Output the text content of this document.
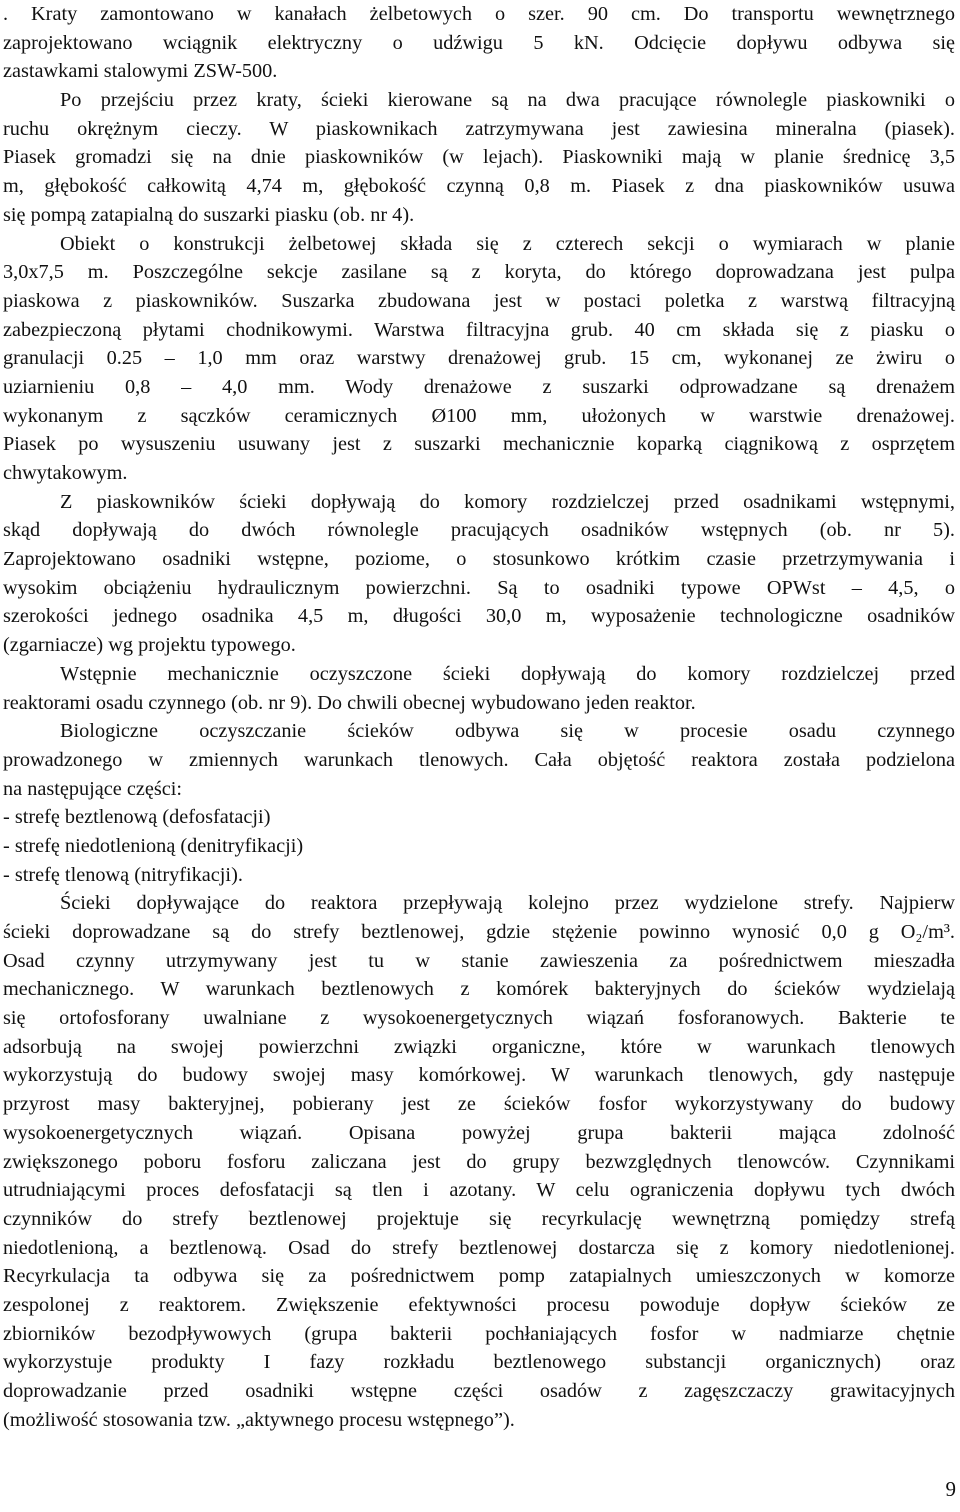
. Kraty zamontowano w kanałach żelbetowych o szer. 90 cm. Do transportu wewnętrznego
zaprojektowano wciągnik elektryczny o udźwigu 5 kN. Odcięcie dopływu odbywa się
zastawkami stalowymi ZSW-500.
Po przejściu przez kraty, ścieki kierowane są na dwa pracujące równolegle piaskowniki o
ruchu okrężnym cieczy. W piaskownikach zatrzymywana jest zawiesina mineralna (piasek).
Piasek gromadzi się na dnie piaskowników (w lejach). Piaskowniki mają w planie średnicę 3,5
m, głębokość całkowitą 4,74 m, głębokość czynną 0,8 m. Piasek z dna piaskowników usuwa
się pompą zatapialną do suszarki piasku (ob. nr 4).
Obiekt o konstrukcji żelbetowej składa się z czterech sekcji o wymiarach w planie
3,0x7,5 m. Poszczególne sekcje zasilane są z koryta, do którego doprowadzana jest pulpa
piaskowa z piaskowników. Suszarka zbudowana jest w postaci poletka z warstwą filtracyjną
zabezpieczoną płytami chodnikowymi. Warstwa filtracyjna grub. 40 cm składa się z piasku o
granulacji 0.25 – 1,0 mm oraz warstwy drenażowej grub. 15 cm, wykonanej ze żwiru o
uziarnieniu 0,8 – 4,0 mm. Wody drenażowe z suszarki odprowadzane są drenażem
wykonanym z sączków ceramicznych Ø100 mm, ułożonych w warstwie drenażowej.
Piasek po wysuszeniu usuwany jest z suszarki mechanicznie koparką ciągnikową z osprzętem
chwytakowym.
Z piaskowników ścieki dopływają do komory rozdzielczej przed osadnikami wstępnymi,
skąd dopływają do dwóch równolegle pracujących osadników wstępnych (ob. nr 5).
Zaprojektowano osadniki wstępne, poziome, o stosunkowo krótkim czasie przetrzymywania i
wysokim obciążeniu hydraulicznym powierzchni. Są to osadniki typowe OPWst – 4,5, o
szerokości jednego osadnika 4,5 m, długości 30,0 m, wyposażenie technologiczne osadników
(zgarniacze) wg projektu typowego.
Wstępnie mechanicznie oczyszczone ścieki dopływają do komory rozdzielczej przed
reaktorami osadu czynnego (ob. nr 9). Do chwili obecnej wybudowano jeden reaktor.
Biologiczne oczyszczanie ścieków odbywa się w procesie osadu czynnego
prowadzonego w zmiennych warunkach tlenowych. Cała objętość reaktora została podzielona
na następujące części:
- strefę beztlenową (defosfatacji)
- strefę niedotlenioną (denitryfikacji)
- strefę tlenową (nitryfikacji).
Ścieki dopływające do reaktora przepływają kolejno przez wydzielone strefy. Najpierw
ścieki doprowadzane są do strefy beztlenowej, gdzie stężenie powinno wynosić 0,0 g O₂/m³.
Osad czynny utrzymywany jest tu w stanie zawieszenia za pośrednictwem mieszadła
mechanicznego. W warunkach beztlenowych z komórek bakteryjnych do ścieków wydzielają
się ortofosforany uwalniane z wysokoenergetycznych wiązań fosforanowych. Bakterie te
adsorbują na swojej powierzchni związki organiczne, które w warunkach tlenowych
wykorzystują do budowy swojej masy komórkowej. W warunkach tlenowych, gdy następuje
przyrost masy bakteryjnej, pobierany jest ze ścieków fosfor wykorzystywany do budowy
wysokoenergetycznych wiązań. Opisana powyżej grupa bakterii mająca zdolność
zwiększonego poboru fosforu zaliczana jest do grupy bezwzględnych tlenowców. Czynnikami
utrudniającymi proces defosfatacji są tlen i azotany. W celu ograniczenia dopływu tych dwóch
czynników do strefy beztlenowej projektuje się recyrkulację wewnętrzną pomiędzy strefą
niedotlenioną, a beztlenową. Osad do strefy beztlenowej dostarcza się z komory niedotlenionej.
Recyrkulacja ta odbywa się za pośrednictwem pomp zatapialnych umieszczonych w komorze
zespolonej z reaktorem. Zwiększenie efektywności procesu powoduje dopływ ścieków ze
zbiorników bezodpływowych (grupa bakterii pochłaniających fosfor w nadmiarze chętnie
wykorzystuje produkty I fazy rozkładu beztlenowego substancji organicznych) oraz
doprowadzanie przed osadniki wstępne części osadów z zagęszczaczy grawitacyjnych
(możliwość stosowania tzw. „aktywnego procesu wstępnego”).
9
